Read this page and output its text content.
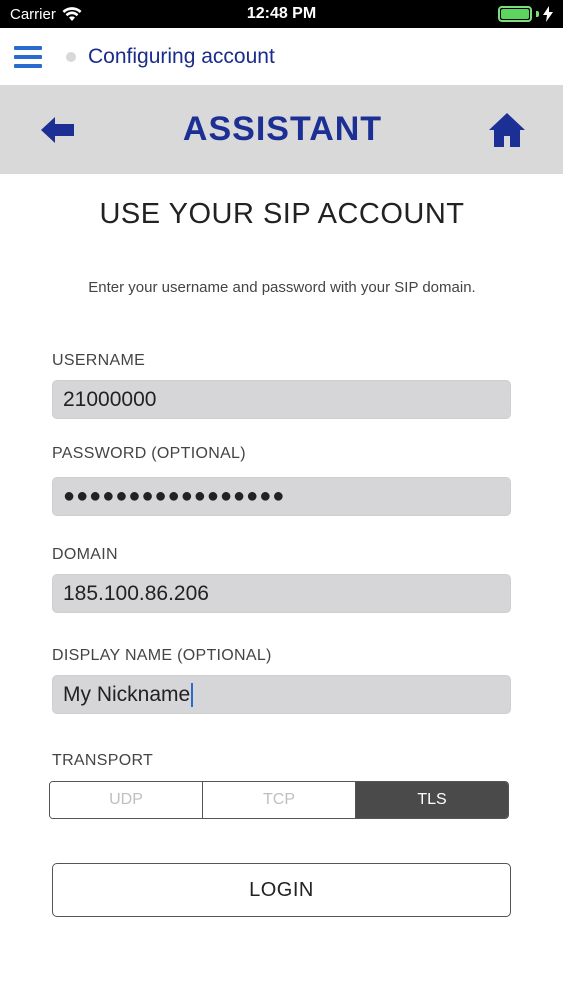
Carrier	12:48 PM
Configuring account
ASSISTANT
USE YOUR SIP ACCOUNT

Enter your username and password with your SIP domain.

USERNAME
21000000
PASSWORD (OPTIONAL)
●●●●●●●●●●●●●●●●●
DOMAIN
185.100.86.206
DISPLAY NAME (OPTIONAL)
My Nickname
TRANSPORT
UDP	TCP	TLS
LOGIN
